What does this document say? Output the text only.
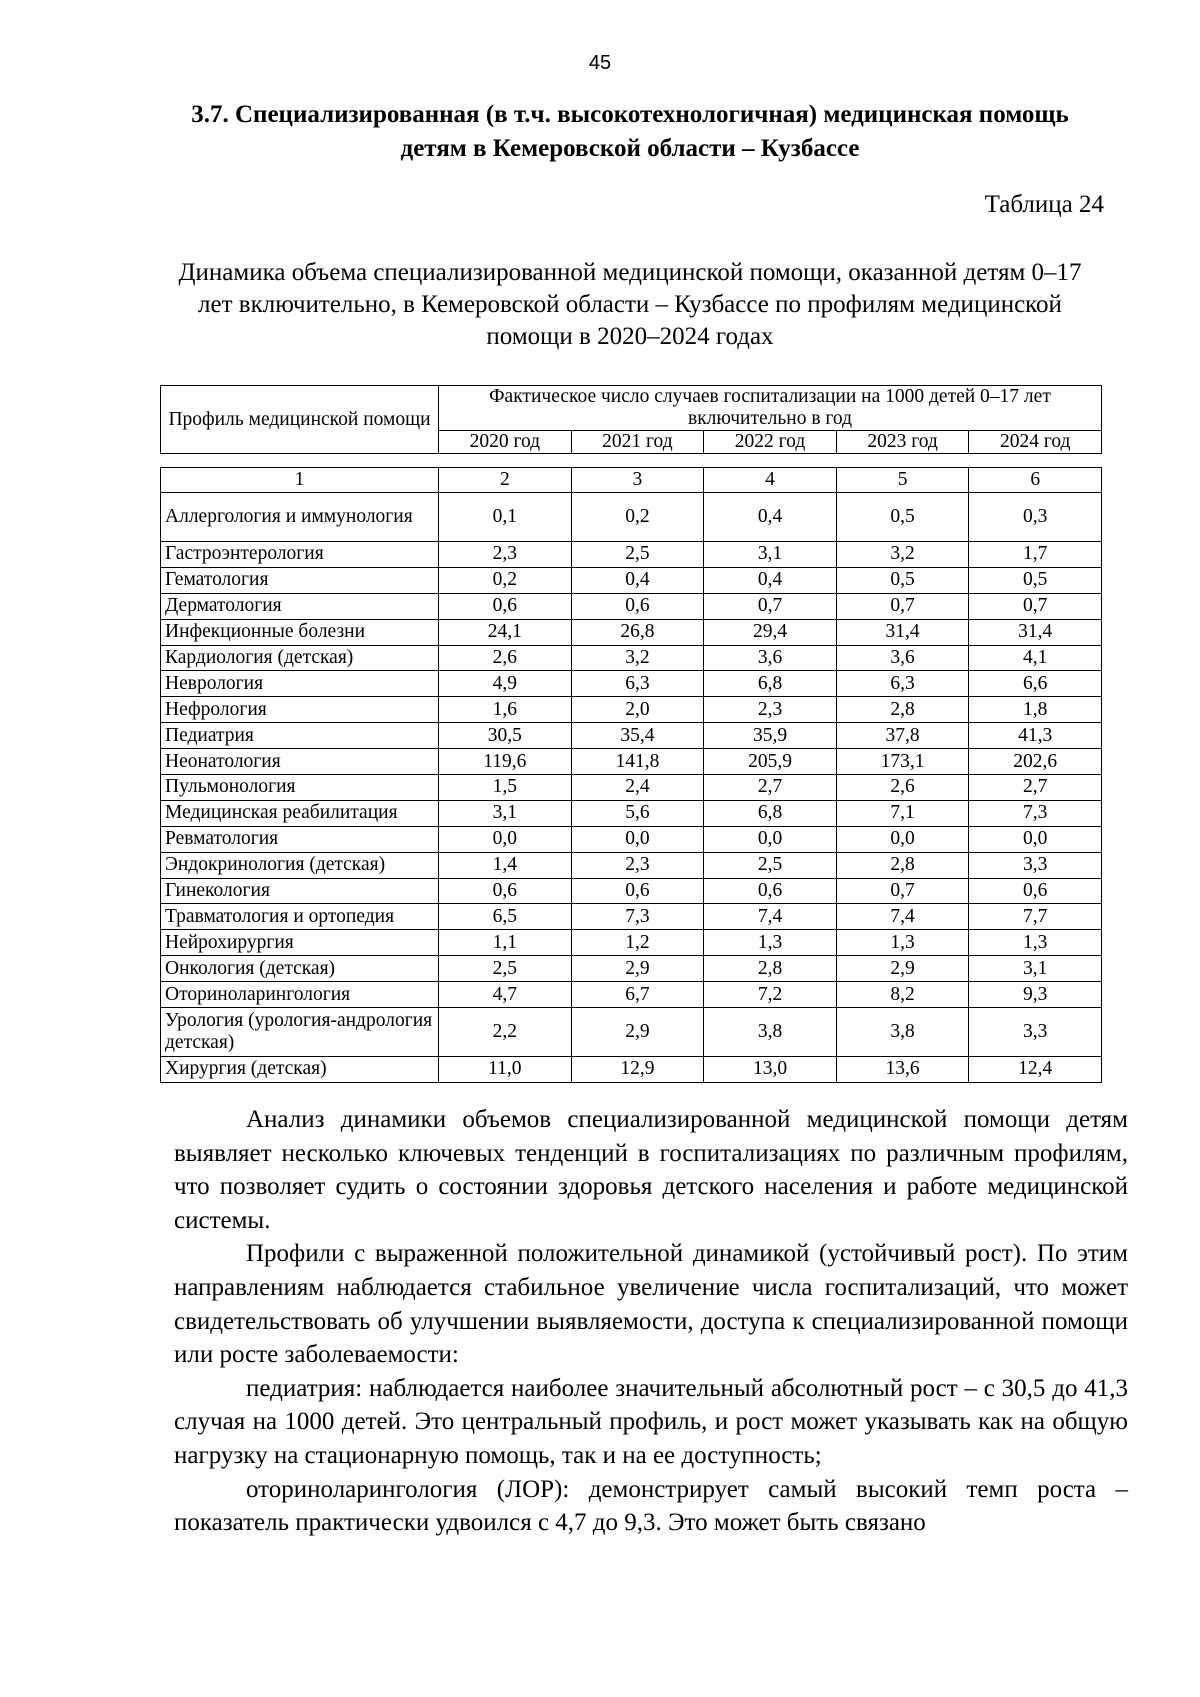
45
3.7. Специализированная (в т.ч. высокотехнологичная) медицинская помощь детям в Кемеровской области – Кузбассе
Таблица 24
Динамика объема специализированной медицинской помощи, оказанной детям 0–17 лет включительно, в Кемеровской области – Кузбассе по профилям медицинской помощи в 2020–2024 годах
Профиль медицинской помощи	Фактическое число случаев госпитализации на 1000 детей 0–17 лет включительно в год				
	2020 год	2021 год	2022 год	2023 год	2024 год
1	2	3	4	5	6
Аллергология и иммунология	0,1	0,2	0,4	0,5	0,3
Гастроэнтерология	2,3	2,5	3,1	3,2	1,7
Гематология	0,2	0,4	0,4	0,5	0,5
Дерматология	0,6	0,6	0,7	0,7	0,7
Инфекционные болезни	24,1	26,8	29,4	31,4	31,4
Кардиология (детская)	2,6	3,2	3,6	3,6	4,1
Неврология	4,9	6,3	6,8	6,3	6,6
Нефрология	1,6	2,0	2,3	2,8	1,8
Педиатрия	30,5	35,4	35,9	37,8	41,3
Неонатология	119,6	141,8	205,9	173,1	202,6
Пульмонология	1,5	2,4	2,7	2,6	2,7
Медицинская реабилитация	3,1	5,6	6,8	7,1	7,3
Ревматология	0,0	0,0	0,0	0,0	0,0
Эндокринология (детская)	1,4	2,3	2,5	2,8	3,3
Гинекология	0,6	0,6	0,6	0,7	0,6
Травматология и ортопедия	6,5	7,3	7,4	7,4	7,7
Нейрохирургия	1,1	1,2	1,3	1,3	1,3
Онкология (детская)	2,5	2,9	2,8	2,9	3,1
Оториноларингология	4,7	6,7	7,2	8,2	9,3
Урология (урология-андрология детская)	2,2	2,9	3,8	3,8	3,3
Хирургия (детская)	11,0	12,9	13,0	13,6	12,4

Анализ динамики объемов специализированной медицинской помощи детям выявляет несколько ключевых тенденций в госпитализациях по различным профилям, что позволяет судить о состоянии здоровья детского населения и работе медицинской системы.

Профили с выраженной положительной динамикой (устойчивый рост). По этим направлениям наблюдается стабильное увеличение числа госпитализаций, что может свидетельствовать об улучшении выявляемости, доступа к специализированной помощи или росте заболеваемости:

педиатрия: наблюдается наиболее значительный абсолютный рост – с 30,5 до 41,3 случая на 1000 детей. Это центральный профиль, и рост может указывать как на общую нагрузку на стационарную помощь, так и на ее доступность;

оториноларингология (ЛОР): демонстрирует самый высокий темп роста – показатель практически удвоился с 4,7 до 9,3. Это может быть связано
